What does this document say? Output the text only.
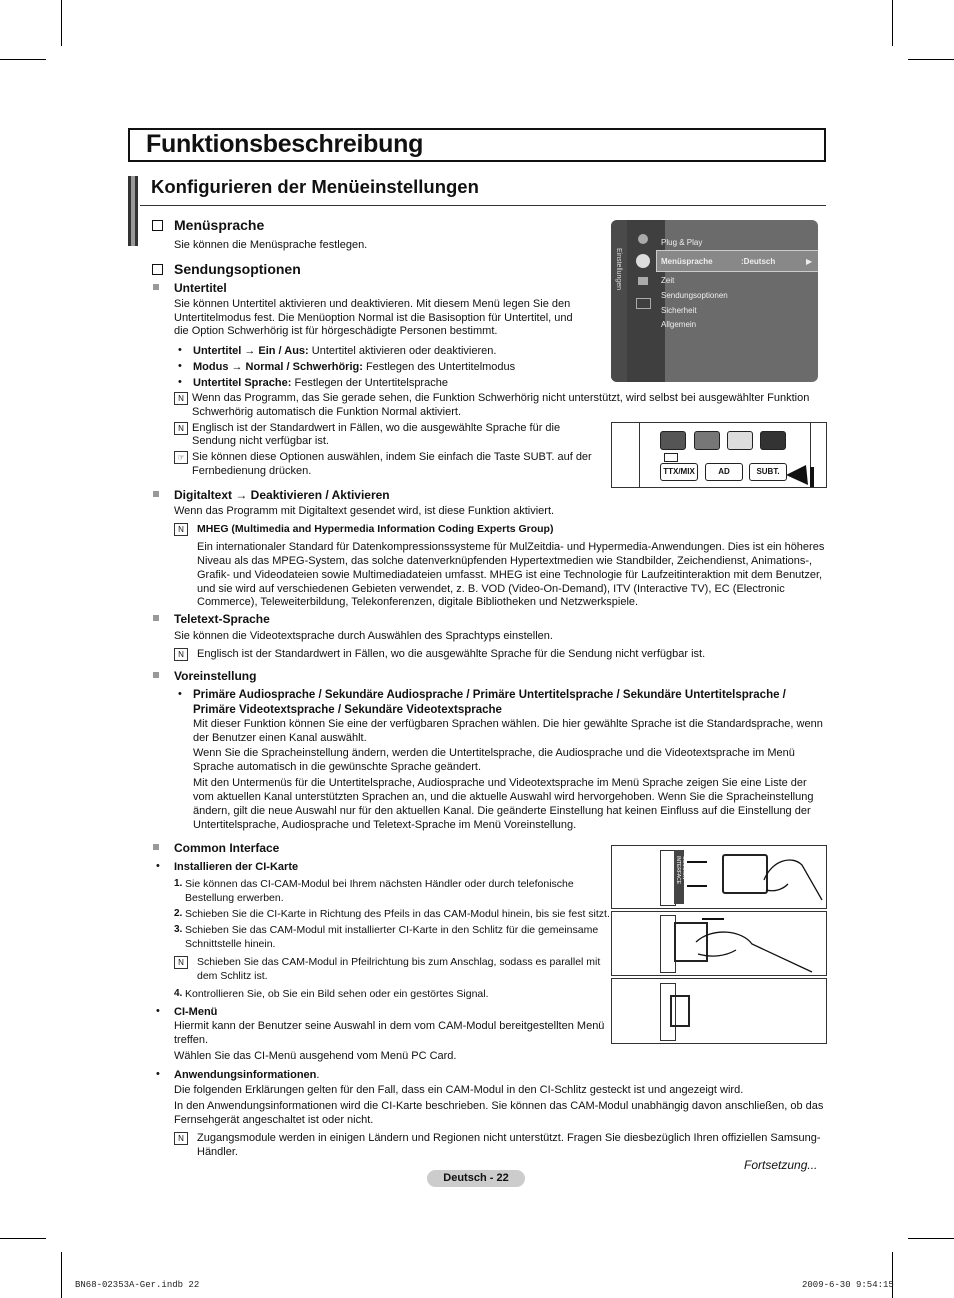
Funktionsbeschreibung
Konfigurieren der Menüeinstellungen
Menüsprache
Sie können die Menüsprache festlegen.
Sendungsoptionen
Untertitel
Sie können Untertitel aktivieren und deaktivieren. Mit diesem Menü legen Sie den
Untertitelmodus fest. Die Menüoption Normal ist die Basisoption für Untertitel, und
die Option Schwerhörig ist für hörgeschädigte Personen bestimmt.
• Untertitel → Ein / Aus: Untertitel aktivieren oder deaktivieren.
• Modus → Normal / Schwerhörig: Festlegen des Untertitelmodus
• Untertitel Sprache: Festlegen der Untertitelsprache
N Wenn das Programm, das Sie gerade sehen, die Funktion Schwerhörig nicht unterstützt, wird selbst bei ausgewählter Funktion
Schwerhörig automatisch die Funktion Normal aktiviert.
N Englisch ist der Standardwert in Fällen, wo die ausgewählte Sprache für die
Sendung nicht verfügbar ist.
☞ Sie können diese Optionen auswählen, indem Sie einfach die Taste SUBT. auf der
Fernbedienung drücken.
Einstellungen
Plug & Play
Menüsprache	:Deutsch	▶
Zeit
Sendungsoptionen
Sicherheit
Allgemein
TTX/MIX	AD	SUBT.
Digitaltext → Deaktivieren / Aktivieren
Wenn das Programm mit Digitaltext gesendet wird, ist diese Funktion aktiviert.
N	MHEG (Multimedia and Hypermedia Information Coding Experts Group)
Ein internationaler Standard für Datenkompressionssysteme für MulZeitdia- und Hypermedia-Anwendungen. Dies ist ein höheres
Niveau als das MPEG-System, das solche datenverknüpfenden Hypertextmedien wie Standbilder, Zeichendienst, Animations-,
Grafik- und Videodateien sowie Multimediadateien umfasst. MHEG ist eine Technologie für Laufzeitinteraktion mit dem Benutzer,
und sie wird auf verschiedenen Gebieten verwendet, z. B. VOD (Video-On-Demand), ITV (Interactive TV), EC (Electronic
Commerce), Teleweiterbildung, Telekonferenzen, digitale Bibliotheken und Netzwerkspiele.
Teletext-Sprache
Sie können die Videotextsprache durch Auswählen des Sprachtyps einstellen.
N	Englisch ist der Standardwert in Fällen, wo die ausgewählte Sprache für die Sendung nicht verfügbar ist.
Voreinstellung
• Primäre Audiosprache / Sekundäre Audiosprache / Primäre Untertitelsprache / Sekundäre Untertitelsprache /
Primäre Videotextsprache / Sekundäre Videotextsprache
Mit dieser Funktion können Sie eine der verfügbaren Sprachen wählen. Die hier gewählte Sprache ist die Standardsprache, wenn
der Benutzer einen Kanal auswählt.
Wenn Sie die Spracheinstellung ändern, werden die Untertitelsprache, die Audiosprache und die Videotextsprache im Menü
Sprache automatisch in die gewünschte Sprache geändert.
Mit den Untermenüs für die Untertitelsprache, Audiosprache und Videotextsprache im Menü Sprache zeigen Sie eine Liste der
vom aktuellen Kanal unterstützten Sprachen an, und die aktuelle Auswahl wird hervorgehoben. Wenn Sie die Spracheinstellung
ändern, gilt die neue Auswahl nur für den aktuellen Kanal. Die geänderte Einstellung hat keinen Einfluss auf die Einstellung der
Untertitelsprache, Audiosprache und Teletext-Sprache im Menü Voreinstellung.
Common Interface
• Installieren der CI-Karte
1. Sie können das CI-CAM-Modul bei Ihrem nächsten Händler oder durch telefonische
Bestellung erwerben.
2. Schieben Sie die CI-Karte in Richtung des Pfeils in das CAM-Modul hinein, bis sie fest sitzt.
3. Schieben Sie das CAM-Modul mit installierter CI-Karte in den Schlitz für die gemeinsame
Schnittstelle hinein.
N	Schieben Sie das CAM-Modul in Pfeilrichtung bis zum Anschlag, sodass es parallel mit
dem Schlitz ist.
4. Kontrollieren Sie, ob Sie ein Bild sehen oder ein gestörtes Signal.
• CI-Menü
Hiermit kann der Benutzer seine Auswahl in dem vom CAM-Modul bereitgestellten Menü
treffen.
Wählen Sie das CI-Menü ausgehend vom Menü PC Card.
• Anwendungsinformationen.
Die folgenden Erklärungen gelten für den Fall, dass ein CAM-Modul in den CI-Schlitz gesteckt ist und angezeigt wird.
In den Anwendungsinformationen wird die CI-Karte beschrieben. Sie können das CAM-Modul unabhängig davon anschließen, ob das
Fernsehgerät angeschaltet ist oder nicht.
N	Zugangsmodule werden in einigen Ländern und Regionen nicht unterstützt. Fragen Sie diesbezüglich Ihren offiziellen Samsung-
Händler.
COMMON INTERFACE
Fortsetzung...
Deutsch - 22
BN68-02353A-Ger.indb 22	2009-6-30 9:54:15
